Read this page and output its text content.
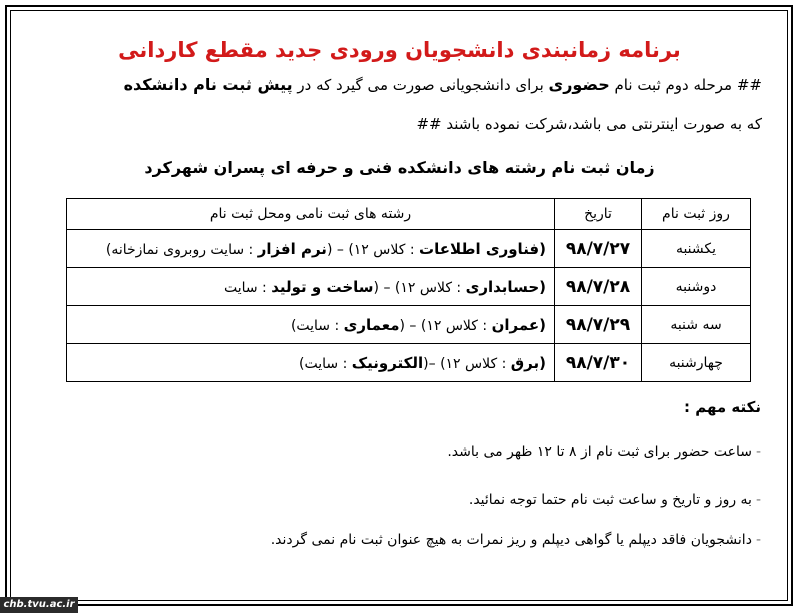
برنامه زمانبندی دانشجویان ورودی جدید مقطع کاردانی
## مرحله دوم ثبت نام حضوری برای دانشجویانی صورت می گیرد که در پیش ثبت نام دانشکده
که به صورت اینترنتی می باشد،شرکت نموده باشند ##
زمان ثبت نام رشته های دانشکده فنی و حرفه ای پسران شهرکرد
روز ثبت نام	تاریخ	رشته های ثبت نامی ومحل ثبت نام
یکشنبه	۹۸/۷/۲۷	(فناوری اطلاعات : کلاس ۱۲) – (نرم افزار : سایت روبروی نمازخانه)
دوشنبه	۹۸/۷/۲۸	(حسابداری : کلاس ۱۲) – (ساخت و تولید : سایت
سه شنبه	۹۸/۷/۲۹	(عمران : کلاس ۱۲) – (معماری : سایت)
چهارشنبه	۹۸/۷/۳۰	(برق : کلاس ۱۲) –(الکترونیک : سایت)
نکته مهم :
-ساعت حضور برای ثبت نام از ۸ تا ۱۲ ظهر می باشد.
-به روز و تاریخ و ساعت ثبت نام حتما توجه نمائید.
-دانشجویان فاقد دیپلم یا گواهی دیپلم و ریز نمرات به هیچ عنوان ثبت نام نمی گردند.
chb.tvu.ac.ir
